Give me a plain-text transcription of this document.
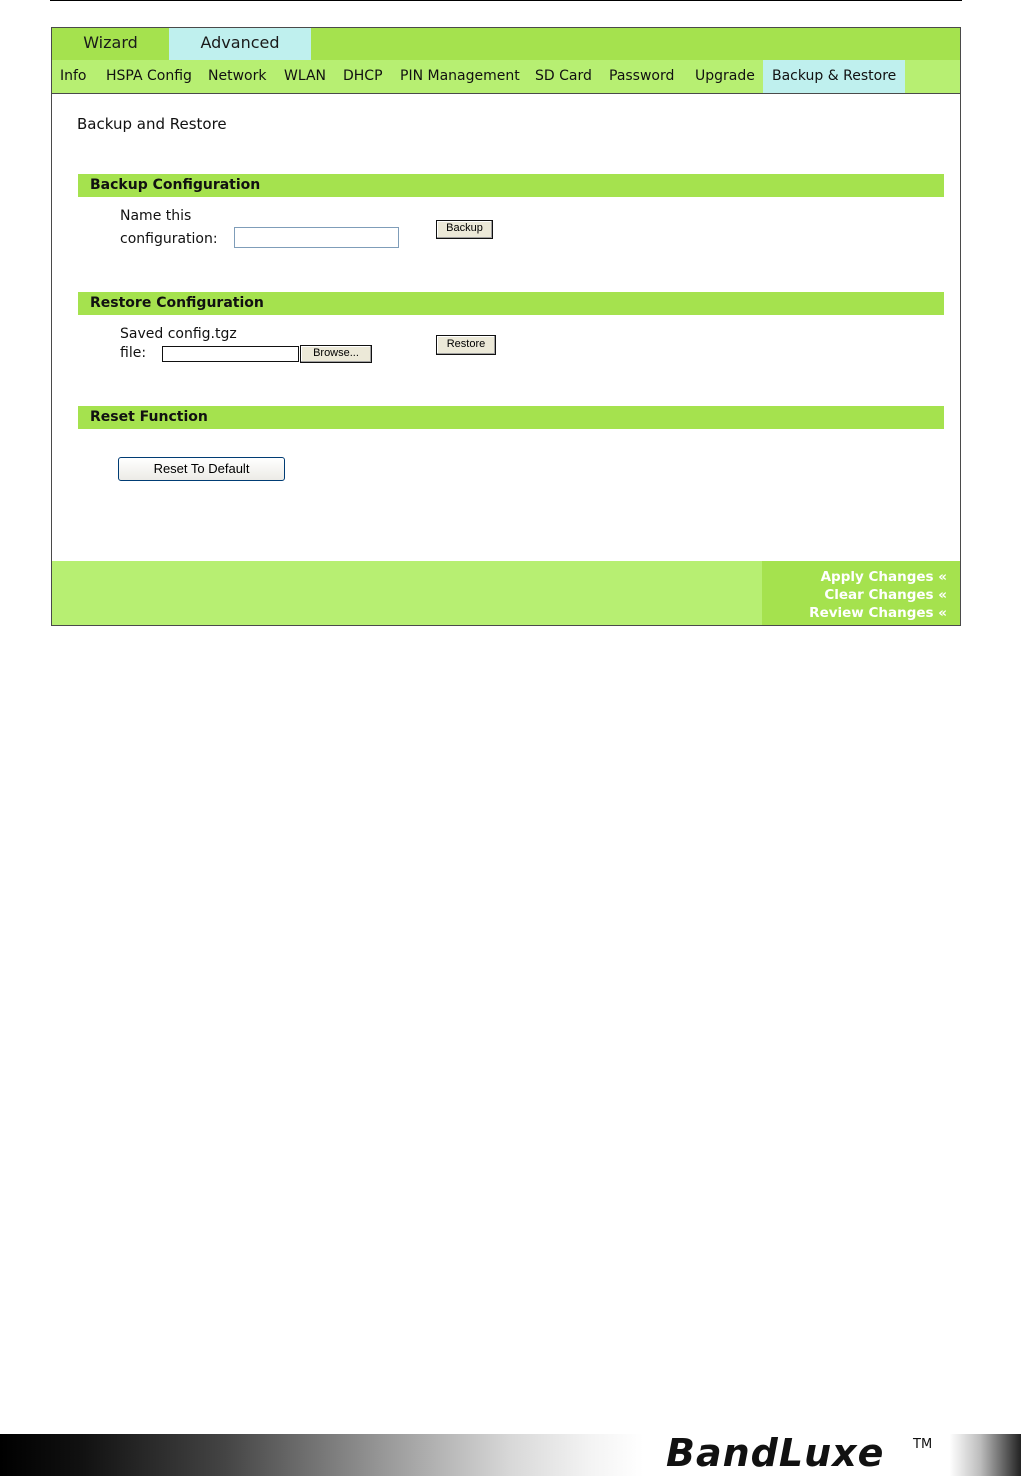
Wizard	Advanced
Info HSPA Config Network WLAN DHCP PIN Management SD Card Password Upgrade	Backup & Restore
Backup and Restore
Backup Configuration
Name this
configuration:
Backup
Restore Configuration
Saved config.tgz
file:	Browse...
Restore
Reset Function
Reset To Default
Apply Changes «
Clear Changes «
Review Changes «
BandLuxe TM
